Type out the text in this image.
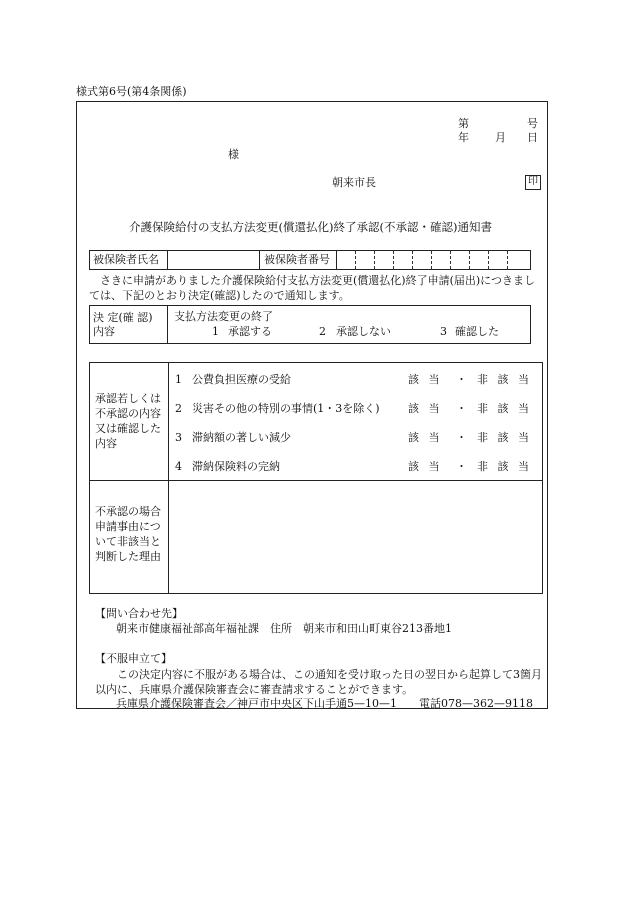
様式第6号(第4条関係)
第	号
年 月 日
様
朝来市長	印
介護保険給付の支払方法変更(償還払化)終了承認(不承認・確認)通知書
被保険者氏名	被保険者番号
さきに申請がありました介護保険給付支払方法変更(償還払化)終了申請(届出)につきましては、下記のとおり決定(確認)したので通知します。
決 定(確 認)
内容
支払方法変更の終了
1 承認する	2 承認しない	3 確認した
承認若しくは
不承認の内容
又は確認した
内容
1 公費負担医療の受給	該 当 ・ 非 該 当
2 災害その他の特別の事情(1・3を除く)	該 当 ・ 非 該 当
3 滞納額の著しい減少	該 当 ・ 非 該 当
4 滞納保険料の完納	該 当 ・ 非 該 当
不承認の場合
申請事由につ
いて非該当と
判断した理由
【問い合わせ先】
朝来市健康福祉部高年福祉課　住所　朝来市和田山町東谷213番地1
【不服申立て】
この決定内容に不服がある場合は、この通知を受け取った日の翌日から起算して3箇月以内に、兵庫県介護保険審査会に審査請求することができます。
兵庫県介護保険審査会／神戸市中央区下山手通5—10—1　　電話078—362—9118
